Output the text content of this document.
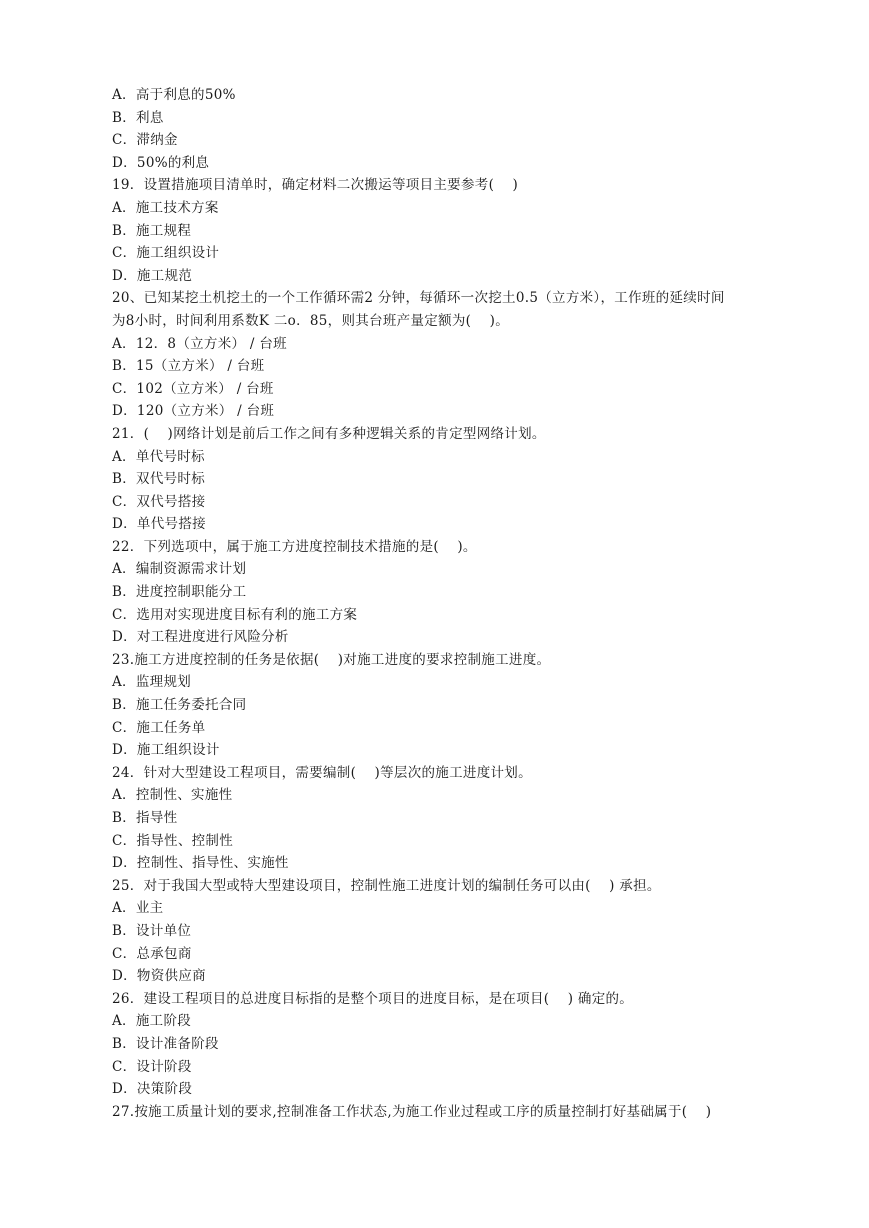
A．高于利息的50%
B．利息
C．滞纳金
D．50%的利息
19．设置措施项目清单时，确定材料二次搬运等项目主要参考(　 )
A．施工技术方案
B．施工规程
C．施工组织设计
D．施工规范
20、已知某挖土机挖土的一个工作循环需2 分钟，每循环一次挖土0.5（立方米），工作班的延续时间
为8小时，时间利用系数K 二o．85，则其台班产量定额为(　 )。
A．12．8（立方米） / 台班
B．15（立方米） / 台班
C．102（立方米） / 台班
D．120（立方米） / 台班
21．(　 )网络计划是前后工作之间有多种逻辑关系的肯定型网络计划。
A．单代号时标
B．双代号时标
C．双代号搭接
D．单代号搭接
22．下列选项中，属于施工方进度控制技术措施的是(　 )。
A．编制资源需求计划
B．进度控制职能分工
C．选用对实现进度目标有利的施工方案
D．对工程进度进行风险分析
23.施工方进度控制的任务是依据(　 )对施工进度的要求控制施工进度。
A．监理规划
B．施工任务委托合同
C．施工任务单
D．施工组织设计
24．针对大型建设工程项目，需要编制(　 )等层次的施工进度计划。
A．控制性、实施性
B．指导性
C．指导性、控制性
D．控制性、指导性、实施性
25．对于我国大型或特大型建设项目，控制性施工进度计划的编制任务可以由(　 ) 承担。
A．业主
B．设计单位
C．总承包商
D．物资供应商
26．建设工程项目的总进度目标指的是整个项目的进度目标，是在项目(　 ) 确定的。
A．施工阶段
B．设计准备阶段
C．设计阶段
D．决策阶段
27.按施工质量计划的要求,控制准备工作状态,为施工作业过程或工序的质量控制打好基础属于(　 )
